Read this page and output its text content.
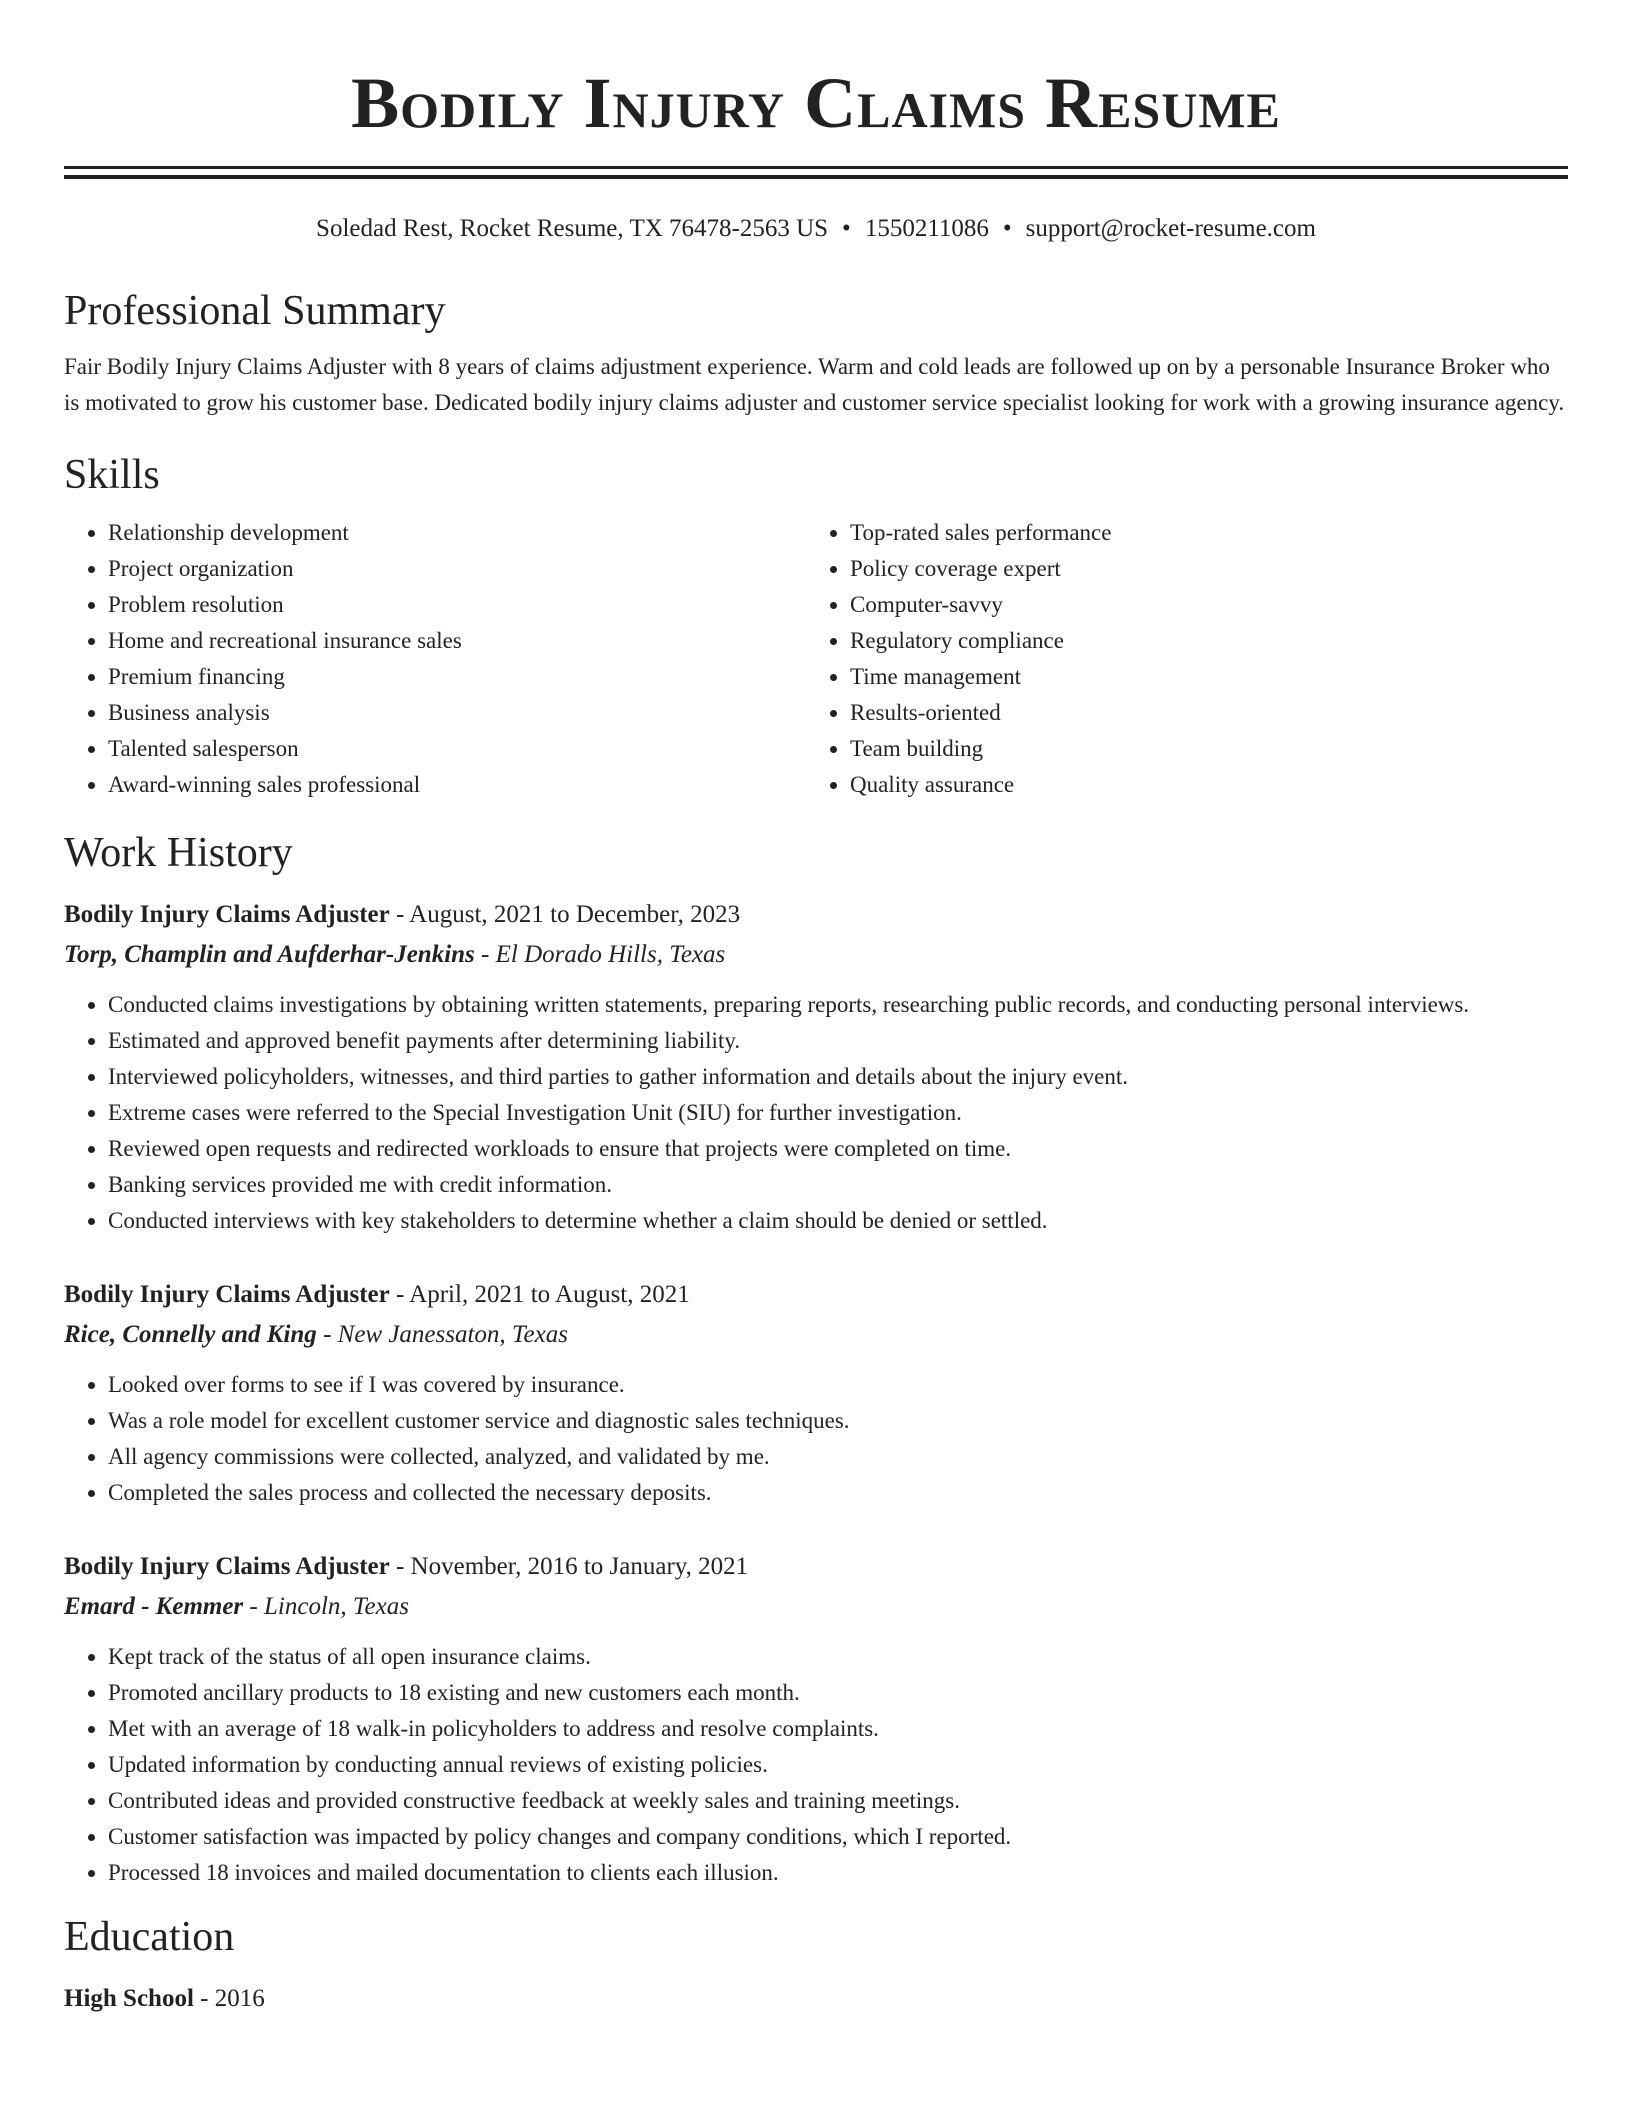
Bodily Injury Claims Resume
Soledad Rest, Rocket Resume, TX 76478-2563 US • 1550211086 • support@rocket-resume.com
Professional Summary
Fair Bodily Injury Claims Adjuster with 8 years of claims adjustment experience. Warm and cold leads are followed up on by a personable Insurance Broker who is motivated to grow his customer base. Dedicated bodily injury claims adjuster and customer service specialist looking for work with a growing insurance agency.
Skills
• Relationship development
• Project organization
• Problem resolution
• Home and recreational insurance sales
• Premium financing
• Business analysis
• Talented salesperson
• Award-winning sales professional
• Top-rated sales performance
• Policy coverage expert
• Computer-savvy
• Regulatory compliance
• Time management
• Results-oriented
• Team building
• Quality assurance
Work History
Bodily Injury Claims Adjuster - August, 2021 to December, 2023
Torp, Champlin and Aufderhar-Jenkins - El Dorado Hills, Texas
• Conducted claims investigations by obtaining written statements, preparing reports, researching public records, and conducting personal interviews.
• Estimated and approved benefit payments after determining liability.
• Interviewed policyholders, witnesses, and third parties to gather information and details about the injury event.
• Extreme cases were referred to the Special Investigation Unit (SIU) for further investigation.
• Reviewed open requests and redirected workloads to ensure that projects were completed on time.
• Banking services provided me with credit information.
• Conducted interviews with key stakeholders to determine whether a claim should be denied or settled.
Bodily Injury Claims Adjuster - April, 2021 to August, 2021
Rice, Connelly and King - New Janessaton, Texas
• Looked over forms to see if I was covered by insurance.
• Was a role model for excellent customer service and diagnostic sales techniques.
• All agency commissions were collected, analyzed, and validated by me.
• Completed the sales process and collected the necessary deposits.
Bodily Injury Claims Adjuster - November, 2016 to January, 2021
Emard - Kemmer - Lincoln, Texas
• Kept track of the status of all open insurance claims.
• Promoted ancillary products to 18 existing and new customers each month.
• Met with an average of 18 walk-in policyholders to address and resolve complaints.
• Updated information by conducting annual reviews of existing policies.
• Contributed ideas and provided constructive feedback at weekly sales and training meetings.
• Customer satisfaction was impacted by policy changes and company conditions, which I reported.
• Processed 18 invoices and mailed documentation to clients each illusion.
Education
High School - 2016
